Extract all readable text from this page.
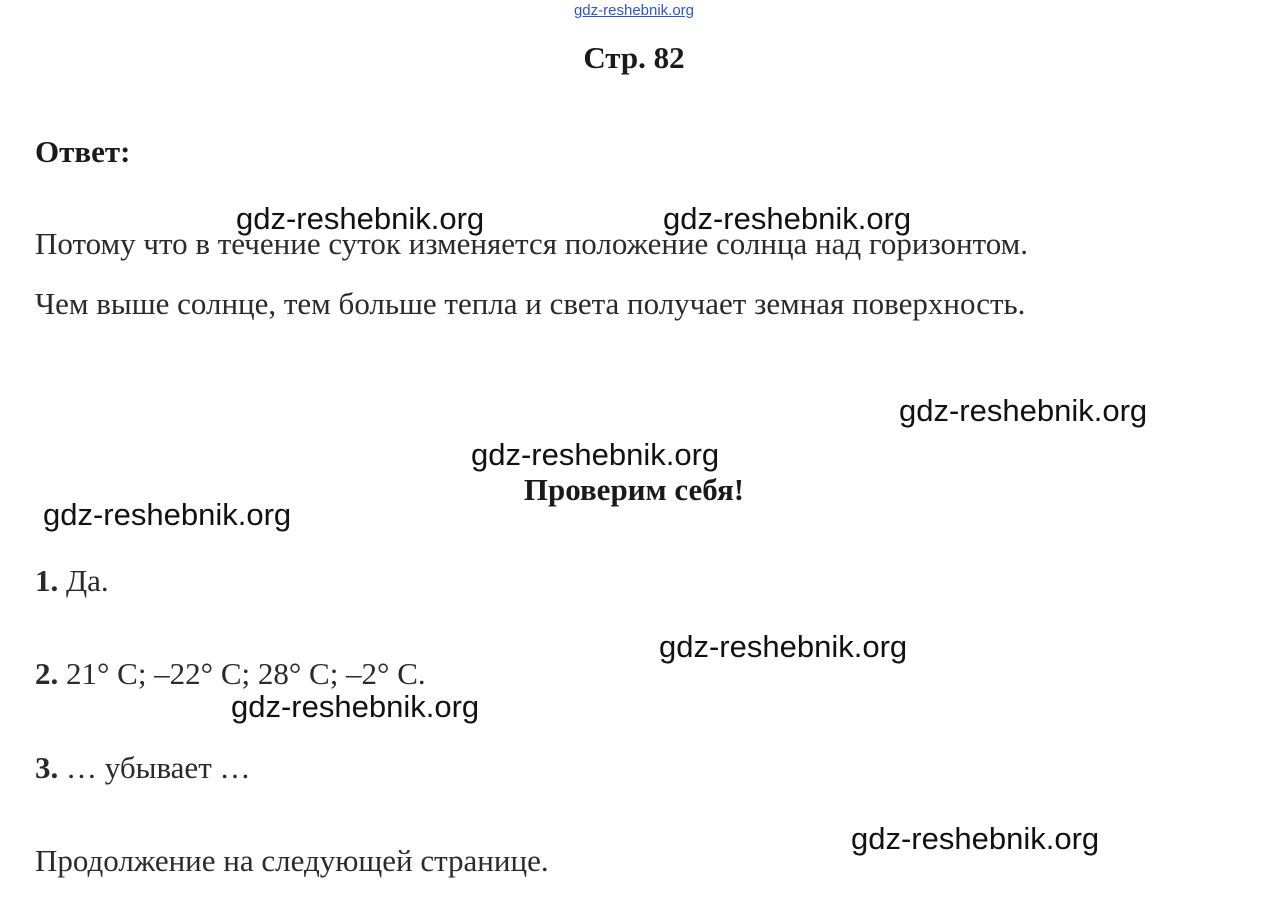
gdz-reshebnik.org
Стр. 82
Ответ:
Потому что в течение суток изменяется положение солнца над горизонтом.
Чем выше солнце, тем больше тепла и света получает земная поверхность.
Проверим себя!
1. Да.
2. 21° С; –22° С; 28° С; –2° С.
3. … убывает …
Продолжение на следующей странице.
gdz-reshebnik.org	gdz-reshebnik.org
gdz-reshebnik.org
gdz-reshebnik.org
gdz-reshebnik.org
gdz-reshebnik.org
gdz-reshebnik.org
gdz-reshebnik.org
